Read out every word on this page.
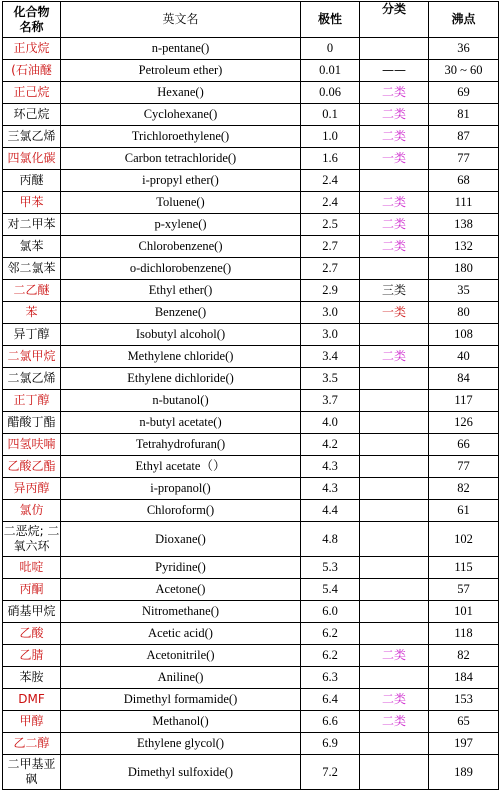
化合物
名称	英文名	极性	分类	沸点
正戊烷	n-pentane()	0		36
(石油醚	Petroleum ether)	0.01	——	30 ~ 60
正己烷	Hexane()	0.06	二类	69
环己烷	Cyclohexane()	0.1	二类	81
三氯乙烯	Trichloroethylene()	1.0	二类	87
四氯化碳	Carbon tetrachloride()	1.6	一类	77
丙醚	i-propyl ether()	2.4		68
甲苯	Toluene()	2.4	二类	111
对二甲苯	p-xylene()	2.5	二类	138
氯苯	Chlorobenzene()	2.7	二类	132
邻二氯苯	o-dichlorobenzene()	2.7		180
二乙醚	Ethyl ether()	2.9	三类	35
苯	Benzene()	3.0	一类	80
异丁醇	Isobutyl alcohol()	3.0		108
二氯甲烷	Methylene chloride()	3.4	二类	40
二氯乙烯	Ethylene dichloride()	3.5		84
正丁醇	n-butanol()	3.7		117
醋酸丁酯	n-butyl acetate()	4.0		126
四氢呋喃	Tetrahydrofuran()	4.2		66
乙酸乙酯	Ethyl acetate（）	4.3		77
异丙醇	i-propanol()	4.3		82
氯仿	Chloroform()	4.4		61
二恶烷; 二氧六环	Dioxane()	4.8		102
吡啶	Pyridine()	5.3		115
丙酮	Acetone()	5.4		57
硝基甲烷	Nitromethane()	6.0		101
乙酸	Acetic acid()	6.2		118
乙腈	Acetonitrile()	6.2	二类	82
苯胺	Aniline()	6.3		184
DMF	Dimethyl formamide()	6.4	二类	153
甲醇	Methanol()	6.6	二类	65
乙二醇	Ethylene glycol()	6.9		197
二甲基亚砜	Dimethyl sulfoxide()	7.2		189
